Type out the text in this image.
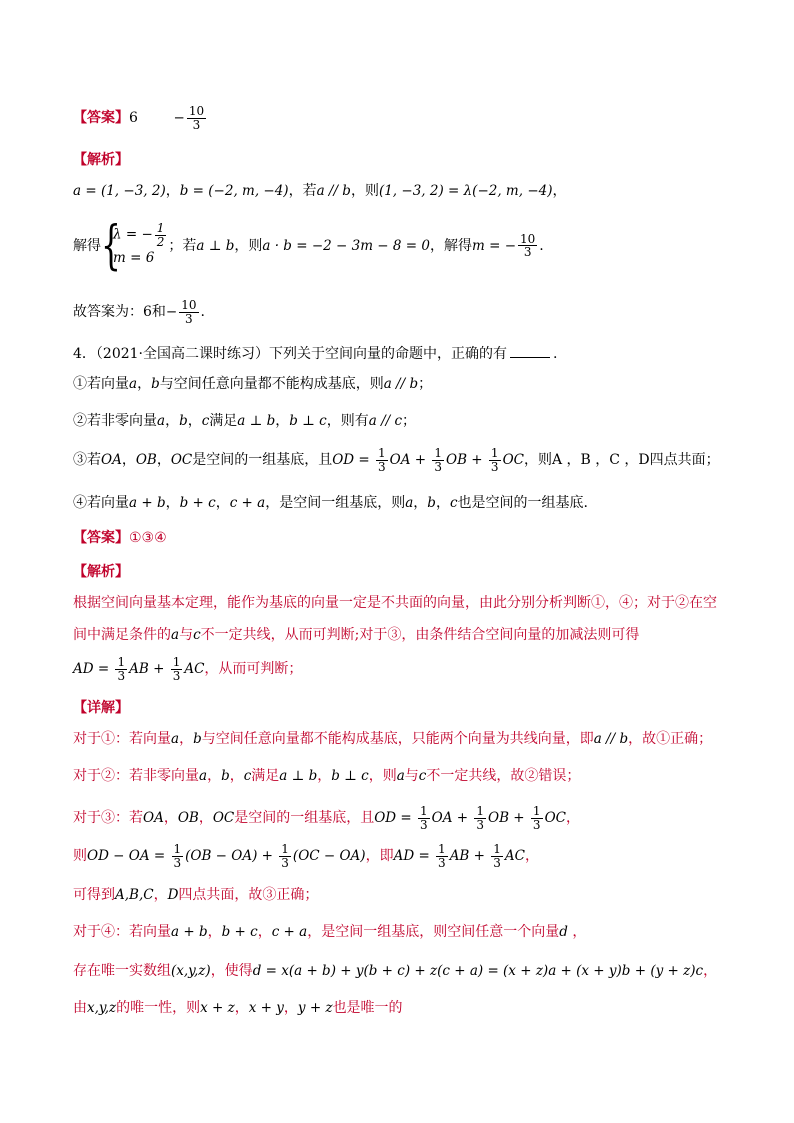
【答案】6	− $\frac{10}{3}$
【解析】
a = (1, −3, 2)，b = (−2, m, −4)，若a // b，则(1, −3, 2) = λ(−2, m, −4)，
解得 {
λ = − $\frac{1}{2}$
m = 6
；若a ⊥ b，则a · b = −2 − 3m − 8 = 0，解得m = − $\frac{10}{3}$ .
故答案为：6和− $\frac{10}{3}$ .
4．（2021·全国高二课时练习）下列关于空间向量的命题中，正确的有	.
①若向量a，b与空间任意向量都不能构成基底，则a // b；
②若非零向量a，b，c满足a ⊥ b，b ⊥ c，则有a // c；
③若OA，OB，OC是空间的一组基底，且OD = $\frac{1}{3}$ OA + $\frac{1}{3}$ OB + $\frac{1}{3}$ OC，则A ，B ，C ，D四点共面；
④若向量a + b，b + c，c + a，是空间一组基底，则a，b，c也是空间的一组基底.
【答案】①③④
【解析】
根据空间向量基本定理，能作为基底的向量一定是不共面的向量，由此分别分析判断①，④；对于②在空
间中满足条件的a与c不一定共线，从而可判断;对于③，由条件结合空间向量的加减法则可得
AD = $\frac{1}{3}$ AB + $\frac{1}{3}$ AC，从而可判断；
【详解】
对于①：若向量a，b与空间任意向量都不能构成基底，只能两个向量为共线向量，即a // b，故①正确；
对于②：若非零向量a，b，c满足a ⊥ b，b ⊥ c，则a与c不一定共线，故②错误；
对于③：若OA，OB，OC是空间的一组基底，且OD = $\frac{1}{3}$ OA + $\frac{1}{3}$ OB + $\frac{1}{3}$ OC，
则OD − OA = $\frac{1}{3} (OB - OA) + \frac{1}{3} (OC - OA)$，即AD = $\frac{1}{3}$ AB + $\frac{1}{3}$ AC，
可得到A,B,C，D四点共面，故③正确；
对于④：若向量a + b，b + c，c + a，是空间一组基底，则空间任意一个向量d ，
存在唯一实数组(x,y,z)，使得d = x(a + b) + y(b + c) + z(c + a) = (x + z)a + (x + y)b + (y + z)c，
由x,y,z的唯一性，则x + z，x + y，y + z也是唯一的
